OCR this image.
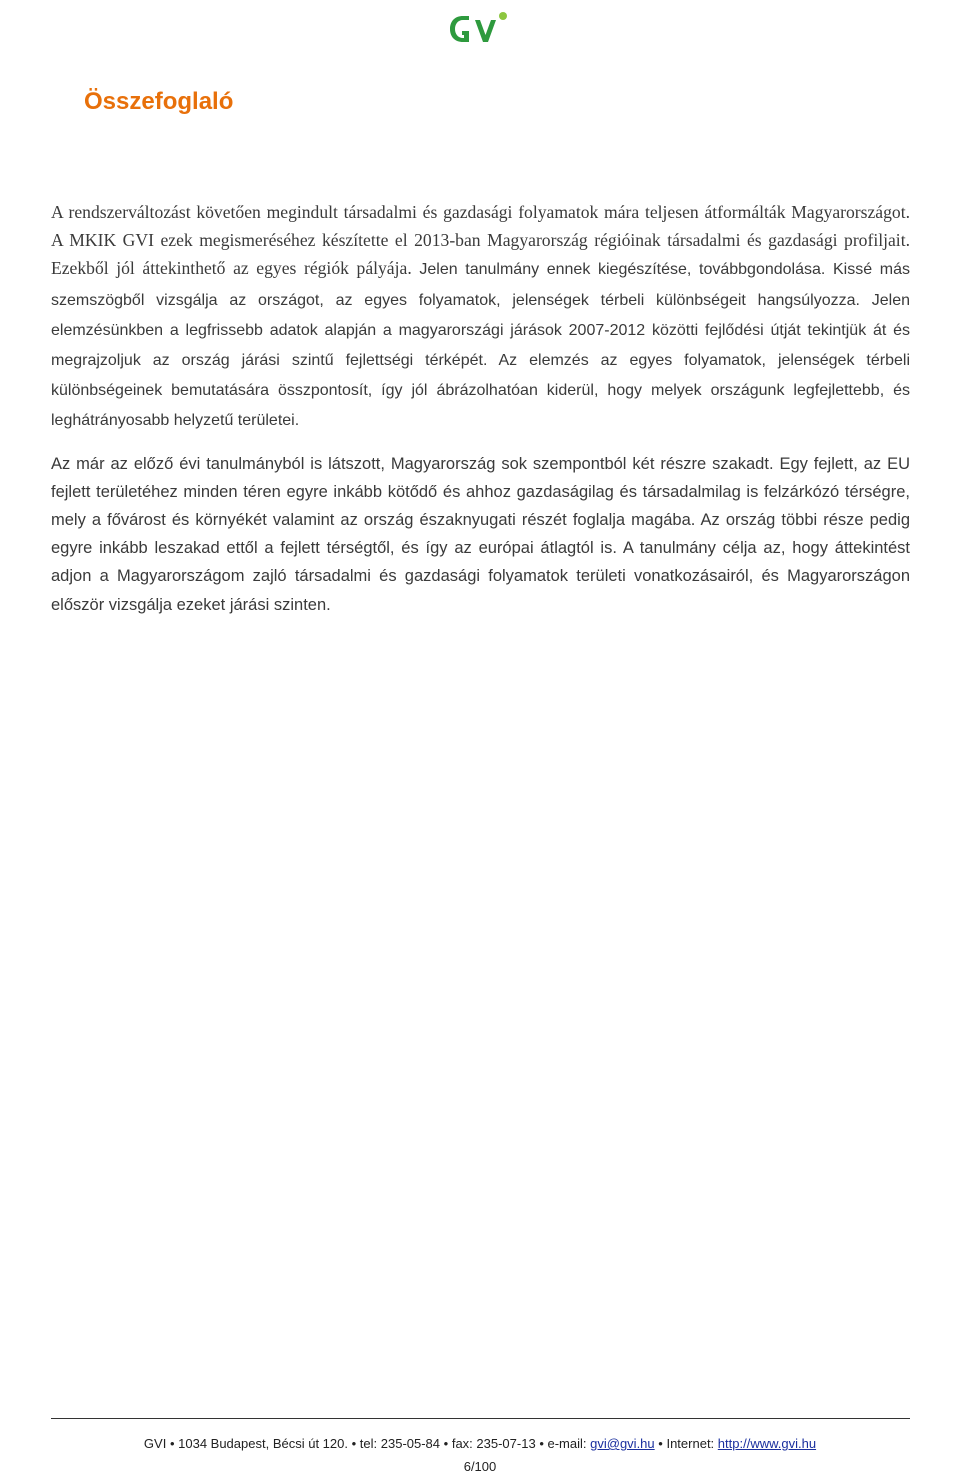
Összefoglaló

A rendszerváltozást követően megindult társadalmi és gazdasági folyamatok mára teljesen átformálták Magyarországot. A MKIK GVI ezek megismeréséhez készítette el 2013-ban Magyarország régióinak társadalmi és gazdasági profiljait. Ezekből jól áttekinthető az egyes régiók pályája. Jelen tanulmány ennek kiegészítése, továbbgondolása. Kissé más szemszögből vizsgálja az országot, az egyes folyamatok, jelenségek térbeli különbségeit hangsúlyozza. Jelen elemzésünkben a legfrissebb adatok alapján a magyarországi járások 2007-2012 közötti fejlődési útját tekintjük át és megrajzoljuk az ország járási szintű fejlettségi térképét. Az elemzés az egyes folyamatok, jelenségek térbeli különbségeinek bemutatására összpontosít, így jól ábrázolhatóan kiderül, hogy melyek országunk legfejlettebb, és leghátrányosabb helyzetű területei.

Az már az előző évi tanulmányból is látszott, Magyarország sok szempontból két részre szakadt. Egy fejlett, az EU fejlett területéhez minden téren egyre inkább kötődő és ahhoz gazdaságilag és társadalmilag is felzárkózó térségre, mely a fővárost és környékét valamint az ország északnyugati részét foglalja magába. Az ország többi része pedig egyre inkább leszakad ettől a fejlett térségtől, és így az európai átlagtól is. A tanulmány célja az, hogy áttekintést adjon a Magyarországom zajló társadalmi és gazdasági folyamatok területi vonatkozásairól, és Magyarországon először vizsgálja ezeket járási szinten.

GVI • 1034 Budapest, Bécsi út 120. • tel: 235-05-84 • fax: 235-07-13 • e-mail: gvi@gvi.hu • Internet: http://www.gvi.hu
6/100
